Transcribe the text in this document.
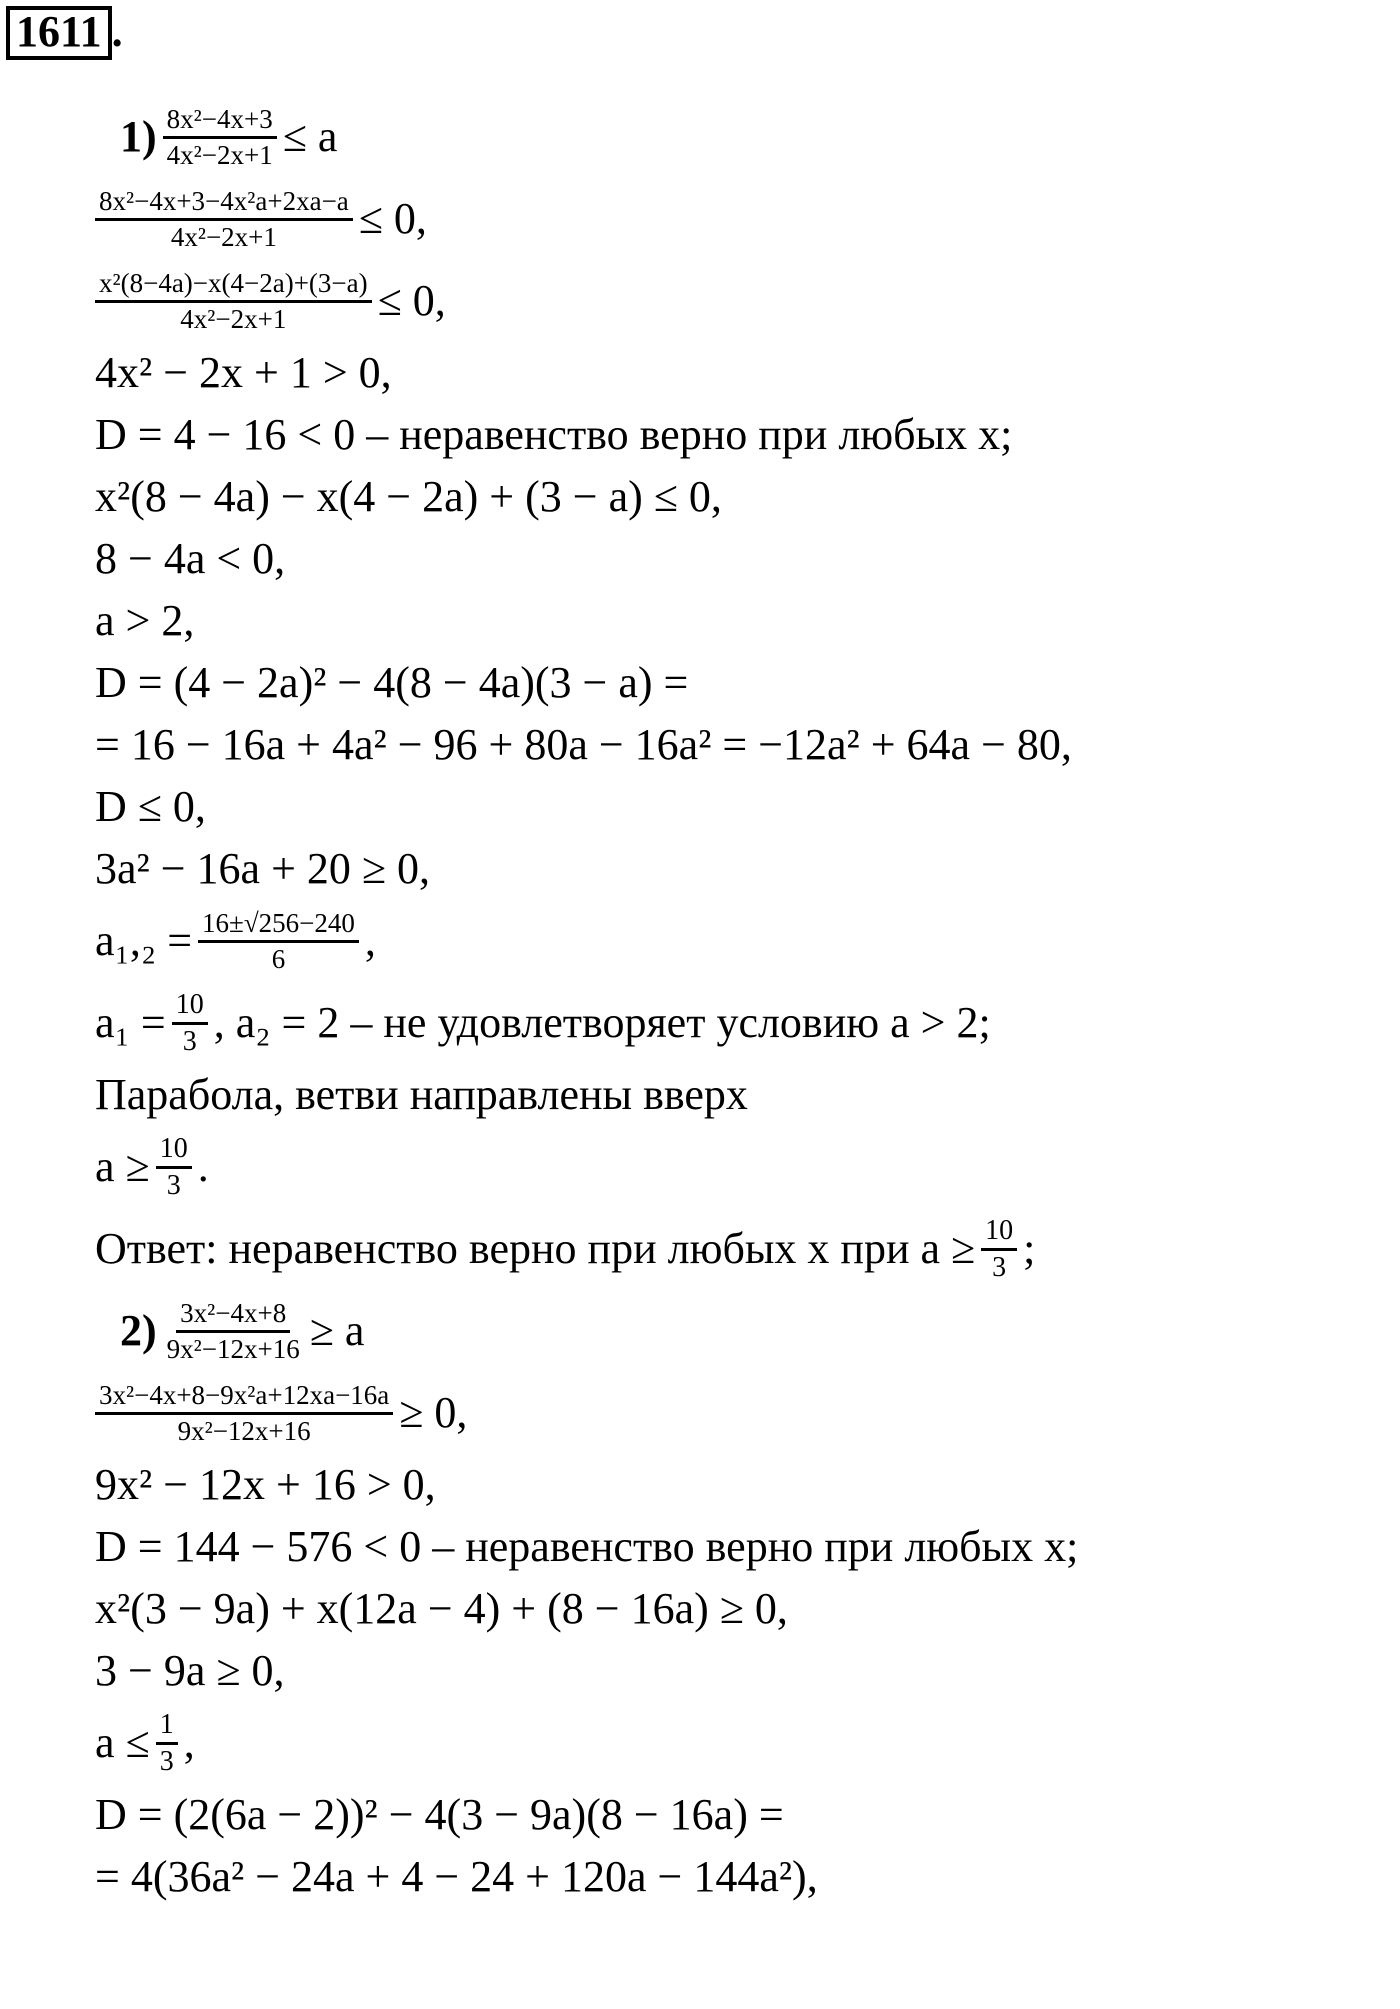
1611 .
$1) \frac{\text{8x²−4x+3}}{\text{4x²−2x+1}} \le a$
$\frac{\text{8x²−4x+3−4x²a+2xa−a}}{\text{4x²−2x+1}} \le 0$,
$\frac{\text{x²(8−4a)−x(4−2a)+(3−a)}}{\text{4x²−2x+1}} \le 0$,
4x² − 2x + 1 > 0,
D = 4 − 16 < 0 – неравенство верно при любых x;
x²(8 − 4a) − x(4 − 2a) + (3 − a) ≤ 0,
8 − 4a < 0,
a > 2,
D = (4 − 2a)² − 4(8 − 4a)(3 − a) =
= 16 − 16a + 4a² − 96 + 80a − 16a² = −12a² + 64a − 80,
D ≤ 0,
3a² − 16a + 20 ≥ 0,
$a_1,_2 = \frac{16\pm√256-240}{6}$ ,
$a_1 = \frac{10}{3}$ , a₂ = 2 – не удовлетворяет условию a > 2;
Парабола, ветви направлены вверх
$a \ge \frac{10}{3}$ .
Ответ: неравенство верно при любых x при $a \ge \frac{10}{3}$ ;
$2) \frac{\text{3x²−4x+8}}{\text{9x²−12x+16}} \ge a$
$\frac{\text{3x²−4x+8−9x²a+12xa−16a}}{\text{9x²−12x+16}} \ge 0$,
9x² − 12x + 16 > 0,
D = 144 − 576 < 0 – неравенство верно при любых x;
x²(3 − 9a) + x(12a − 4) + (8 − 16a) ≥ 0,
3 − 9a ≥ 0,
$a \le \frac{1}{3}$ ,
D = (2(6a − 2))² − 4(3 − 9a)(8 − 16a) =
= 4(36a² − 24a + 4 − 24 + 120a − 144a²),
